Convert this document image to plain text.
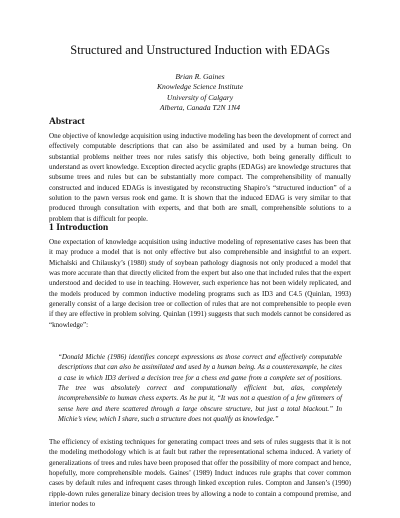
Structured and Unstructured Induction with EDAGs
Brian R. Gaines
Knowledge Science Institute
University of Calgary
Alberta, Canada T2N 1N4
Abstract
One objective of knowledge acquisition using inductive modeling has been the development of correct and effectively computable descriptions that can also be assimilated and used by a human being. On substantial problems neither trees nor rules satisfy this objective, both being generally difficult to understand as overt knowledge. Exception directed acyclic graphs (EDAGs) are knowledge structures that subsume trees and rules but can be substantially more compact. The comprehensibility of manually constructed and induced EDAGs is investigated by reconstructing Shapiro’s “structured induction” of a solution to the pawn versus rook end game. It is shown that the induced EDAG is very similar to that produced through consultation with experts, and that both are small, comprehensible solutions to a problem that is difficult for people.
1 Introduction
One expectation of knowledge acquisition using inductive modeling of representative cases has been that it may produce a model that is not only effective but also comprehensible and insightful to an expert. Michalski and Chilausky’s (1980) study of soybean pathology diagnosis not only produced a model that was more accurate than that directly elicited from the expert but also one that included rules that the expert understood and decided to use in teaching. However, such experience has not been widely replicated, and the models produced by common inductive modeling programs such as ID3 and C4.5 (Quinlan, 1993) generally consist of a large decision tree or collection of rules that are not comprehensible to people even if they are effective in problem solving. Quinlan (1991) suggests that such models cannot be considered as “knowledge”:
“Donald Michie (1986) identifies concept expressions as those correct and effectively computable descriptions that can also be assimilated and used by a human being. As a counterexample, he cites a case in which ID3 derived a decision tree for a chess end game from a complete set of positions. The tree was absolutely correct and computationally efficient but, alas, completely incomprehensible to human chess experts. As he put it, “It was not a question of a few glimmers of sense here and there scattered through a large obscure structure, but just a total blackout.” In Michie’s view, which I share, such a structure does not qualify as knowledge.”
The efficiency of existing techniques for generating compact trees and sets of rules suggests that it is not the modeling methodology which is at fault but rather the representational schema induced. A variety of generalizations of trees and rules have been proposed that offer the possibility of more compact and hence, hopefully, more comprehensible models. Gaines’ (1989) Induct induces rule graphs that cover common cases by default rules and infrequent cases through linked exception rules. Compton and Jansen’s (1990) ripple-down rules generalize binary decision trees by allowing a node to contain a compound premise, and interior nodes to
